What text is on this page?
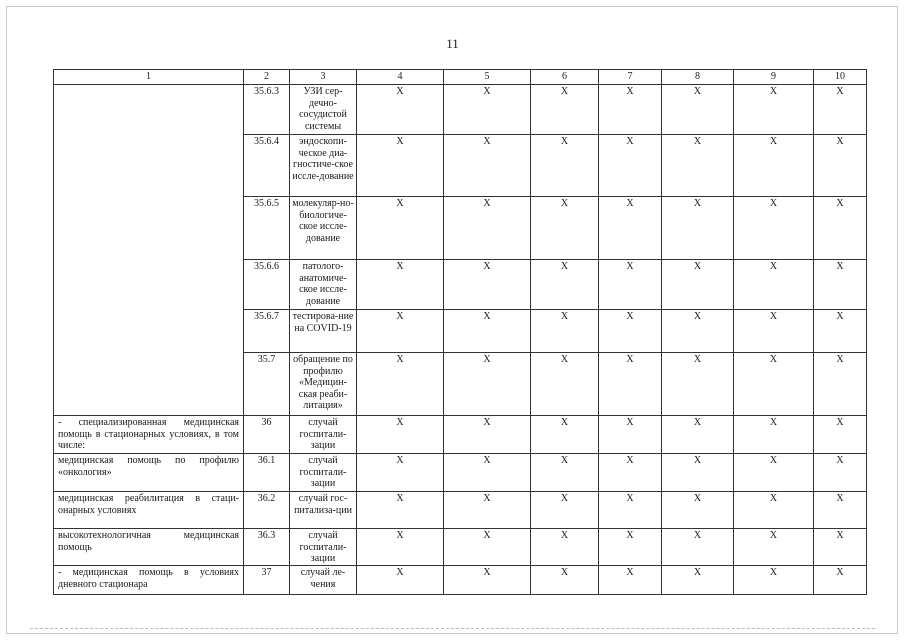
11
1	2	3	4	5	6	7	8	9	10
	35.6.3	УЗИ сер-дечно-сосудистой системы	Х	Х	Х	Х	Х	Х	Х
	35.6.4	эндоскопи-ческое диа-гностиче-ское иссле-дование	Х	Х	Х	Х	Х	Х	Х
	35.6.5	молекуляр-но-биологиче-ское иссле-дование	Х	Х	Х	Х	Х	Х	Х
	35.6.6	патолого-анатомиче-ское иссле-дование	Х	Х	Х	Х	Х	Х	Х
	35.6.7	тестирова-ние на COVID-19	Х	Х	Х	Х	Х	Х	Х
	35.7	обращение по профилю «Медицин-ская реаби-литация»	Х	Х	Х	Х	Х	Х	Х
- специализированная медицинская помощь в стационарных условиях, в том числе:	36	случай госпитали-зации	Х	Х	Х	Х	Х	Х	Х
медицинская помощь по профилю «онкология»	36.1	случай госпитали-зации	Х	Х	Х	Х	Х	Х	Х
медицинская реабилитация в стаци-онарных условиях	36.2	случай гос-питализа-ции	Х	Х	Х	Х	Х	Х	Х
высокотехнологичная медицинская помощь	36.3	случай госпитали-зации	Х	Х	Х	Х	Х	Х	Х
- медицинская помощь в условиях дневного стационара	37	случай ле-чения	Х	Х	Х	Х	Х	Х	Х
